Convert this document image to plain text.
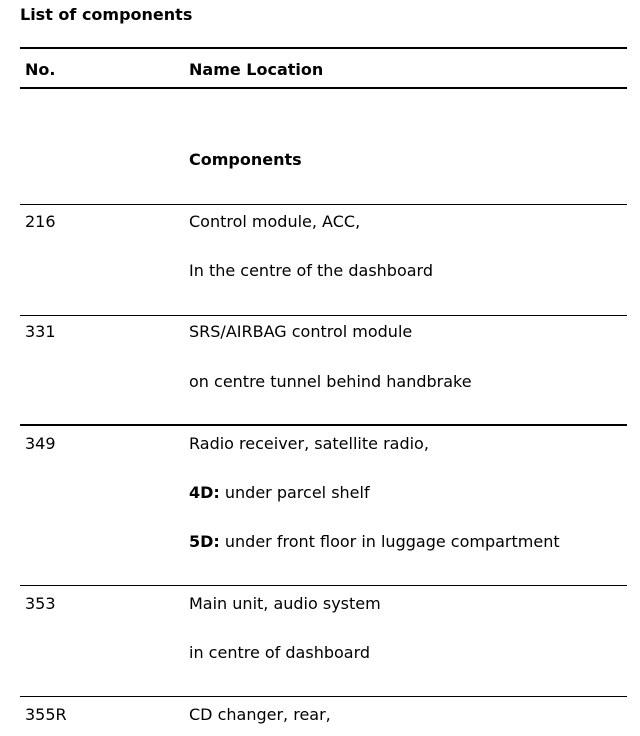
List of components
No.	Name Location
Components
216	Control module, ACC,
In the centre of the dashboard
331	SRS/AIRBAG control module
on centre tunnel behind handbrake
349	Radio receiver, satellite radio,
4D: under parcel shelf
5D: under front floor in luggage compartment
353	Main unit, audio system
in centre of dashboard
355R	CD changer, rear,
